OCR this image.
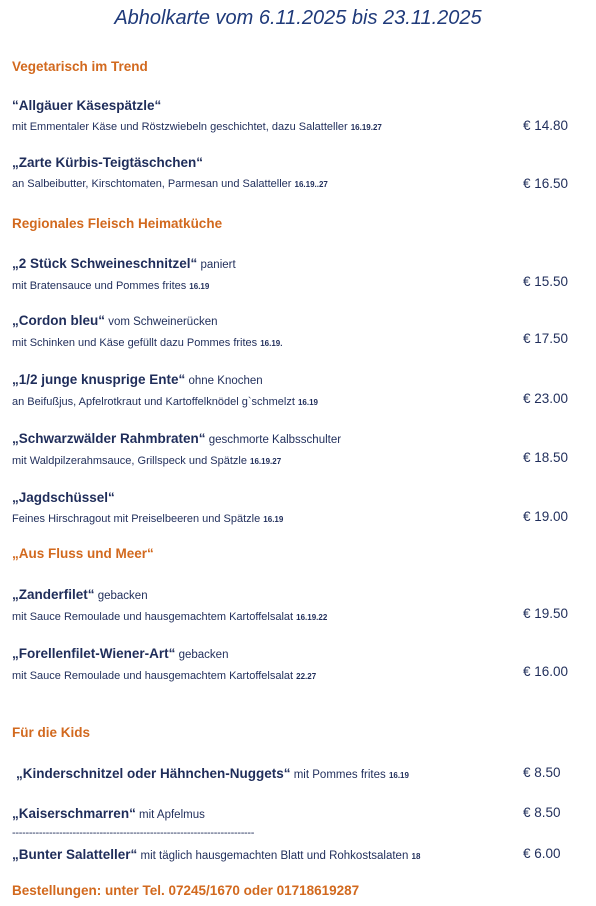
Abholkarte vom 6.11.2025 bis 23.11.2025
Vegetarisch im Trend
“Allgäuer Käsespätzle“
mit Emmentaler Käse und Röstzwiebeln geschichtet, dazu Salatteller 16.19.27	€ 14.80
„Zarte Kürbis-Teigtäschchen“
an Salbeibutter, Kirschtomaten, Parmesan und Salatteller 16.19..27	€ 16.50
Regionales Fleisch Heimatküche
„2 Stück Schweineschnitzel“ paniert
mit Bratensauce und Pommes frites 16.19	€ 15.50
„Cordon bleu“ vom Schweinerücken
mit Schinken und Käse gefüllt dazu Pommes frites 16.19.	€ 17.50
„1/2 junge knusprige Ente“ ohne Knochen
an Beifußjus, Apfelrotkraut und Kartoffelknödel g`schmelzt 16.19	€ 23.00
„Schwarzwälder Rahmbraten“ geschmorte Kalbsschulter
mit Waldpilzerahmsauce, Grillspeck und Spätzle 16.19.27	€ 18.50
„Jagdschüssel“
Feines Hirschragout mit Preiselbeeren und Spätzle 16.19	€ 19.00
„Aus Fluss und Meer“
„Zanderfilet“ gebacken
mit Sauce Remoulade und hausgemachtem Kartoffelsalat 16.19.22	€ 19.50
„Forellenfilet-Wiener-Art“ gebacken
mit Sauce Remoulade und hausgemachtem Kartoffelsalat 22.27	€ 16.00
Für die Kids
„Kinderschnitzel oder Hähnchen-Nuggets“ mit Pommes frites 16.19	€ 8.50
„Kaiserschmarren“ mit Apfelmus	€ 8.50
------------------------------------------------------------------------
„Bunter Salatteller“ mit täglich hausgemachten Blatt und Rohkostsalaten 18	€ 6.00
Bestellungen: unter Tel. 07245/1670 oder 01718619287
